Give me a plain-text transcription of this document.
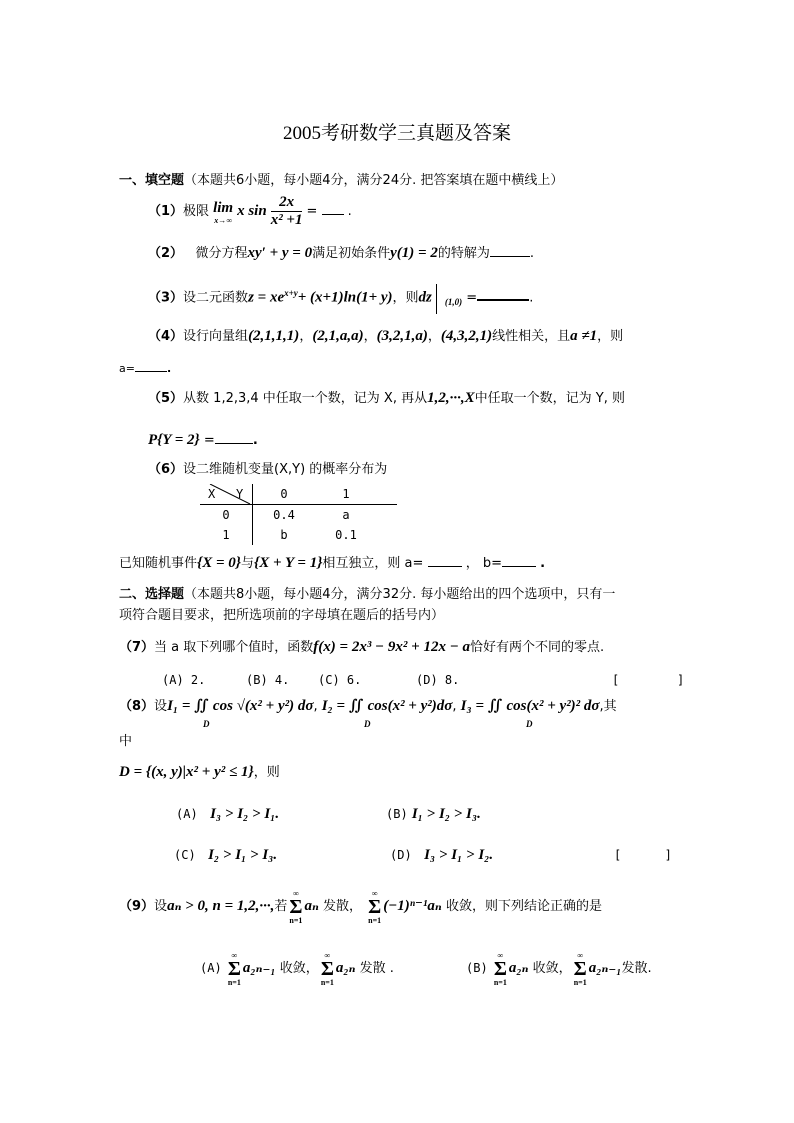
2005考研数学三真题及答案
一、填空题（本题共6小题，每小题4分，满分24分. 把答案填在题中横线上）
（1）极限 lim
x→∞
x $\sin \frac{2x}{\text{x² +1}}$ =  .
（2） 微分方程xy′ + y = 0满足初始条件y(1) = 2的特解为	.
（3）设二元函数$z = xe^{x+y}+ (x+1)\ln(1+ y)$，则dz $_{(1,0)}$ =	.
（4）设行向量组(2,1,1,1)，(2,1,a,a)，(3,2,1,a)，(4,3,2,1)线性相关，且a ≠1，则
a=	.
（5）从数 1,2,3,4 中任取一个数，记为 X, 再从1,2,···,X中任取一个数，记为 Y, 则
P{Y = 2} =	.
（6）设二维随机变量(X,Y) 的概率分布为
X Y	0	1	
0	0.4	a	
1	b	0.1	
已知随机事件{X = 0}与{X + Y = 1}相互独立，则 a=	， b=	.
二、选择题（本题共8小题，每小题4分，满分32分. 每小题给出的四个选项中，只有一
项符合题目要求，把所选项前的字母填在题后的括号内）
（7）当 a 取下列哪个值时，函数f(x) = 2x³ − 9x² + 12x − a恰好有两个不同的零点.
(A) 2.	(B) 4. (C) 6.	(D) 8.	[        ]
（8）设I₁ = ∬ cos √(x² + y²) dσ, I₂ = ∬ cos(x² + y²)dσ, I₃ = ∬ cos(x² + y²)² dσ,其
D	D	D
中
D = {(x, y)|x² + y² ≤ 1}，则
(A) I₃ > I₂ > I₁.	(B) I₁ > I₂ > I₃.
(C) I₂ > I₁ > I₃.	(D) I₃ > I₁ > I₂.	[      ]
（9）设aₙ > 0, n = 1,2,···,若
∞
Σ
n=1
aₙ 发散，
∞
Σ
n=1
(−1)ⁿ⁻¹aₙ 收敛，则下列结论正确的是
(A)
∞
Σ
n=1
a₂ₙ₋₁ 收敛，
∞
Σ
n=1
a₂ₙ 发散 .	(B)
∞
Σ
n=1
a₂ₙ 收敛，
∞
Σ
n=1
a₂ₙ₋₁发散.
